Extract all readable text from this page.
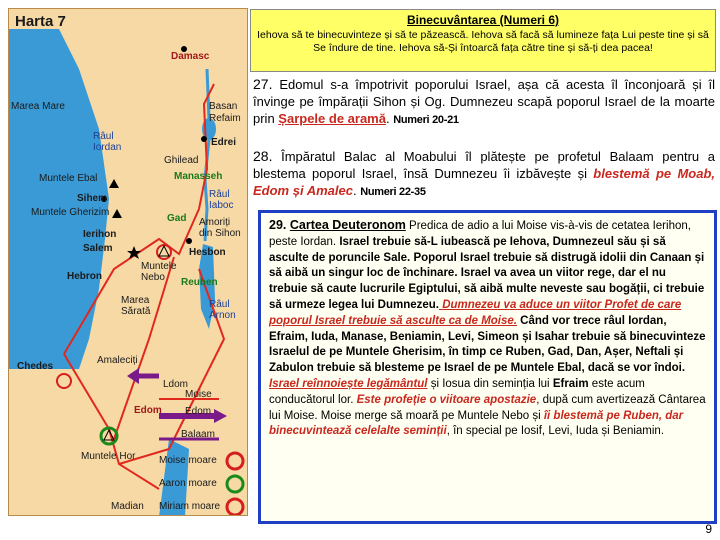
Harta 7
Damasc
Marea Mare	Basan
Refaim
Edrei
Râul
Iordan
Ghilead
Manasseh
Muntele Ebal
Sihem	Râul
Iaboc
Muntele Gherizim
Gad Amoriți
din Sihon
Ierihon
Salem	Hesbon
Muntele
Nebo
Hebron
Reuben
Marea
Sărată
Râul
Arnon
Amaleciți
Chedes
Edom
Muntele Hor
Madian
Ldom
Moise
Edom
Balaam
Moise moare
Aaron moare
Miriam moare
Binecuvântarea (Numeri 6)
Iehova să te binecuvinteze și să te păzească. Iehova să facă să lumineze fața Lui peste tine și să Se îndure de tine. Iehova să-Și întoarcă fața către tine și să-ți dea pacea!
27. Edomul s-a împotrivit poporului Israel, așa că acesta îl înconjoară și îl învinge pe împărații Sihon și Og. Dumnezeu scapă poporul Israel de la moarte prin Șarpele de aramă. Numeri 20-21
28. Împăratul Balac al Moabului îl plătește pe profetul Balaam pentru a blestema poporul Israel, însă Dumnezeu îi izbăvește și blestemă pe Moab, Edom și Amalec. Numeri 22-35
29. Cartea Deuteronom Predica de adio a lui Moise vis-à-vis de cetatea Ierihon, peste Iordan. Israel trebuie să-L iubească pe Iehova, Dumnezeul său și să asculte de poruncile Sale. Poporul Israel trebuie să distrugă idolii din Canaan și să aibă un singur loc de închinare. Israel va avea un viitor rege, dar el nu trebuie să caute lucrurile Egiptului, să aibă multe neveste sau bogății, ci trebuie să urmeze legea lui Dumnezeu. Dumnezeu va aduce un viitor Profet de care poporul Israel trebuie să asculte ca de Moise. Când vor trece râul Iordan, Efraim, Iuda, Manase, Beniamin, Levi, Simeon și Isahar trebuie să binecuvinteze Israelul de pe Muntele Gherisim, în timp ce Ruben, Gad, Dan, Așer, Neftali și Zabulon trebuie să blesteme pe Israel de pe Muntele Ebal, dacă se vor îndoi. Israel reînnoiește legământul și Iosua din seminția lui Efraim este acum conducătorul lor. Este profeție o viitoare apostazie, după cum avertizează Cântarea lui Moise. Moise merge să moară pe Muntele Nebo și îi blestemă pe Ruben, dar binecuvintează celelalte seminții, în special pe Iosif, Levi, Iuda și Beniamin.
9
